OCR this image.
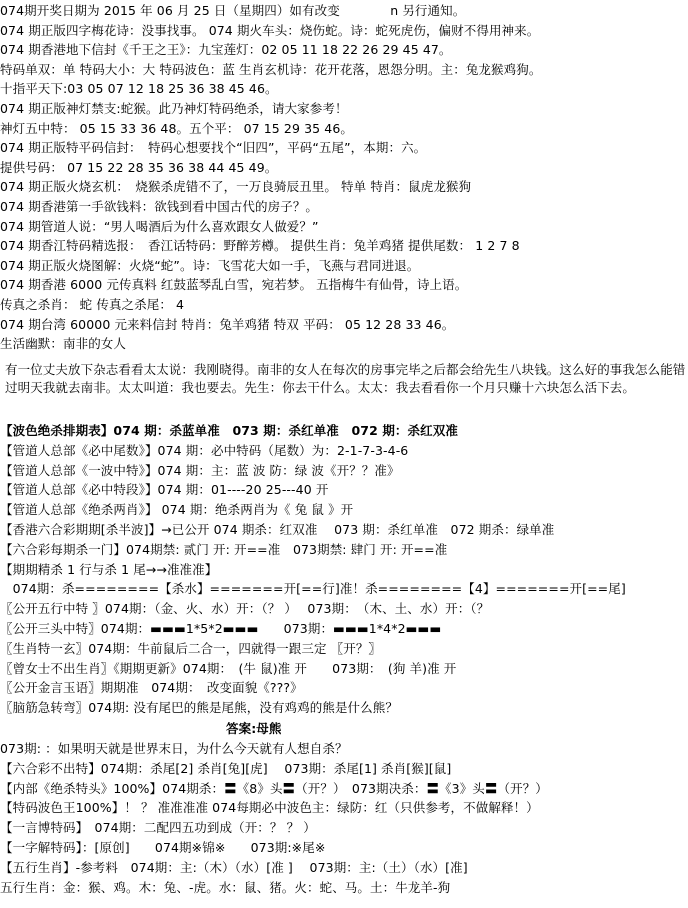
074期开奖日期为 2015 年 06 月 25 日（星期四）如有改变　　　　n 另行通知。
074 期正版四字梅花诗：没事找事。 074 期火车头：烧伤蛇。诗：蛇死虎伤，偏财不得用神来。
074 期香港地下信封《千王之王》：九宝莲灯：02 05 11 18 22 26 29 45 47。
特码单双：单 特码大小：大 特码波色：蓝 生肖玄机诗：花开花落，恩怨分明。主：兔龙猴鸡狗。
十指平天下:03 05 07 12 18 25 36 38 45 46。
074 期正版神灯禁支:蛇猴。此乃神灯特码绝杀，请大家参考！
神灯五中特： 05 15 33 36 48。五个平： 07 15 29 35 46。
074 期正版特平码信封：　特码心想要找个“旧四”，平码“五尾”，本期：六。
提供号码： 07 15 22 28 35 36 38 44 45 49。
074 期正版火烧玄机：　烧猴杀虎错不了，一万良骑辰丑里。 特单 特肖：鼠虎龙猴狗
074 期香港第一手欲钱料：欲钱到看中国古代的房子？。
074 期管道人说：“男人喝酒后为什么喜欢跟女人做爱？”
074 期香江特码精选报：　香江话特码：野醉芳樽。 提供生肖：兔羊鸡猪 提供尾数： 1 2 7 8
074 期正版火烧图解：火烧“蛇”。诗：飞雪花大如一手，飞燕与君同进退。
074 期香港 6000 元传真料 红鼓蓝琴乱白雪，宛若梦。 五指梅牛有仙骨，诗上语。
传真之杀肖： 蛇 传真之杀尾： 4
074 期台湾 60000 元来料信封 特肖：兔羊鸡猪 特双 平码： 05 12 28 33 46。
生活幽默：南非的女人
有一位丈夫放下杂志看看太太说：我刚晓得。南非的女人在每次的房事完毕之后都会给先生八块钱。这么好的事我怎么能错过明天我就去南非。太太叫道：我也要去。先生：你去干什么。太太：我去看看你一个月只赚十六块怎么活下去。
【波色绝杀排期表】074 期：杀蓝单准　073 期：杀红单准　072 期：杀红双准
【管道人总部《必中尾数》】074 期：必中特码（尾数）为：2-1-7-3-4-6
【管道人总部《一波中特》】074 期：主：蓝 波 防：绿 波《开？？准》
【管道人总部《必中特段》】074 期：01----20 25---40 开
【管道人总部《绝杀两肖》】 074 期：绝杀两肖为《 兔 鼠 》开
【香港六合彩期期[杀半波]】→已公开 074 期杀：红双准　 073 期：杀红单准　072 期杀：绿单准
【六合彩每期杀一门】074期禁: 贰门 开: 开==准　073期禁: 肆门 开: 开==准
【期期精杀 1 行与杀 1 尾→→准准准】
　074期：杀========【杀水】=======开[==行]准！杀========【4】=======开[==尾]
〖公开五行中特 〗074期：（金、火、水）开：（？ ）　 073期：　（木、土、水）开：（？
〖公开三头中特〗074期：▬▬▬1*5*2▬▬▬　　073期：▬▬▬1*4*2▬▬▬
〖生肖特一玄〗074期：牛前鼠后二合一，四就得一跟三定 〖开？〗
〖曾女士不出生肖〗《期期更新》074期：　(牛 鼠)准 开　　073期：　(狗 羊)准 开
〖公开金言玉语〗期期准　074期：　改变面貌《???》
〖脑筋急转弯〗074期: 没有尾巴的熊是尾熊，没有鸡鸡的熊是什么熊？
答案:母熊
073期: ：如果明天就是世界末日，为什么今天就有人想自杀？
【六合彩不出特】074期：杀尾[2] 杀肖[兔][虎]　 073期：杀尾[1] 杀肖[猴][鼠]
【内部《绝杀特头》100%】074期杀：〓《8》头〓（开？）　073期决杀：〓《3》头〓（开？）
【特码波色王100%】！ ？ 准准准准 074每期必中波色主：绿防：红（只供参考，不做解释！）
【一言博特码】　074期：二配四五功到成（开：？ ？ ）
【一字解特码】：[原创]　　074期※锦※　　073期:※尾※
【五行生肖】-参考料　074期：主:（木）（水）[准 ] 　073期：主:（土）（水）[准]
五行生肖：金：猴、鸡。木：兔、-虎。水：鼠、猪。火：蛇、马。土：牛龙羊-狗
